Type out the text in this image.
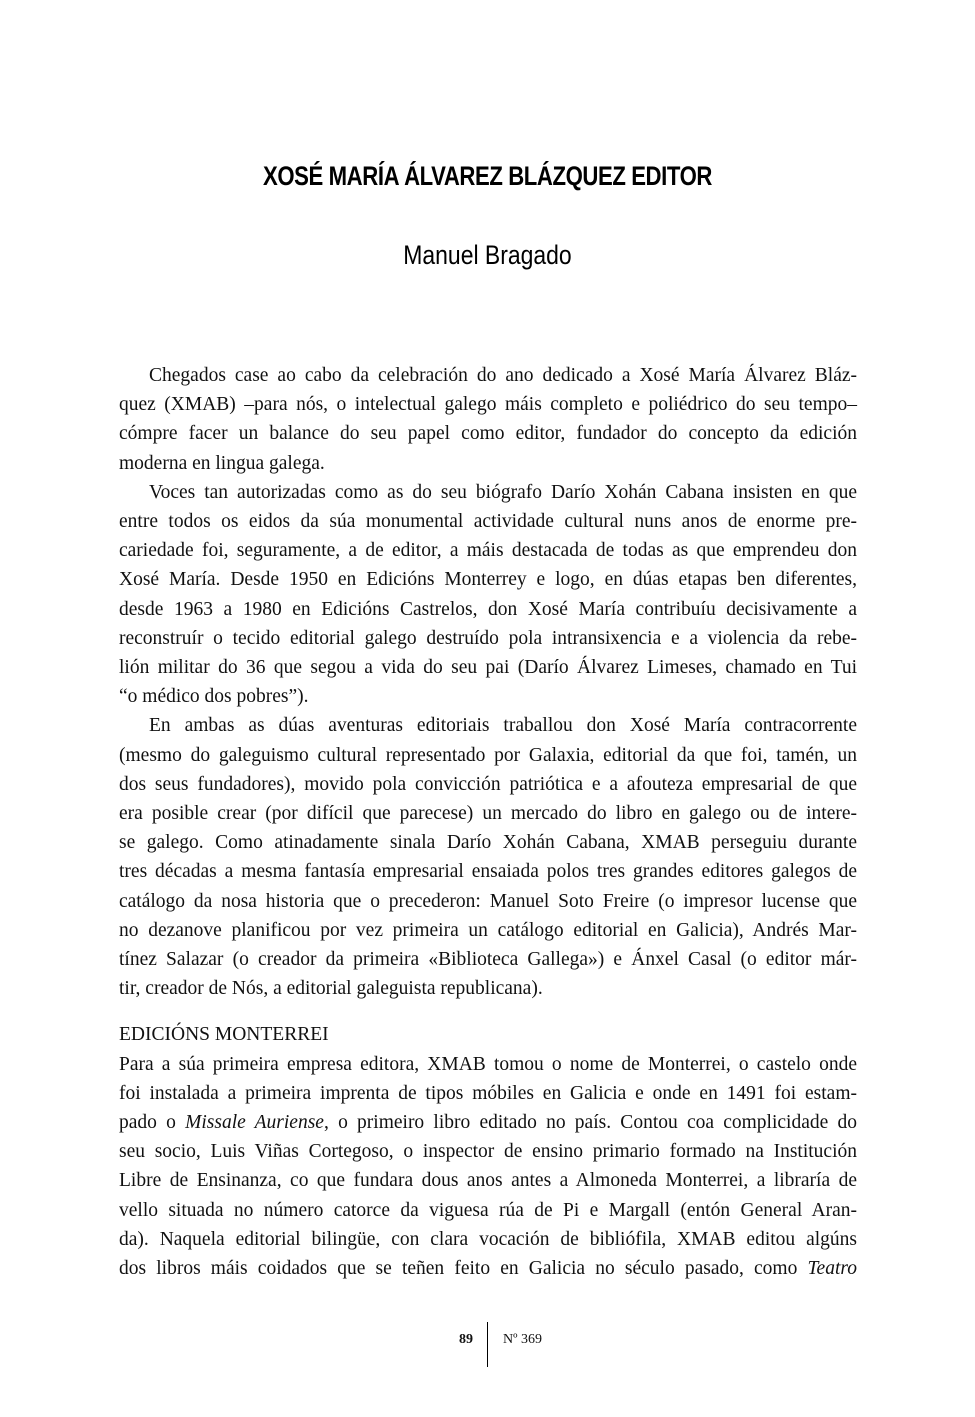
XOSÉ MARÍA ÁLVAREZ BLÁZQUEZ EDITOR
Manuel Bragado

Chegados case ao cabo da celebración do ano dedicado a Xosé María Álvarez Bláz-
quez (XMAB) –para nós, o intelectual galego máis completo e poliédrico do seu tempo–
cómpre facer un balance do seu papel como editor, fundador do concepto da edición
moderna en lingua galega.

Voces tan autorizadas como as do seu biógrafo Darío Xohán Cabana insisten en que
entre todos os eidos da súa monumental actividade cultural nuns anos de enorme pre-
cariedade foi, seguramente, a de editor, a máis destacada de todas as que emprendeu don
Xosé María. Desde 1950 en Edicións Monterrey e logo, en dúas etapas ben diferentes,
desde 1963 a 1980 en Edicións Castrelos, don Xosé María contribuíu decisivamente a
reconstruír o tecido editorial galego destruído pola intransixencia e a violencia da rebe-
lión militar do 36 que segou a vida do seu pai (Darío Álvarez Limeses, chamado en Tui
“o médico dos pobres”).

En ambas as dúas aventuras editoriais traballou don Xosé María contracorrente
(mesmo do galeguismo cultural representado por Galaxia, editorial da que foi, tamén, un
dos seus fundadores), movido pola convicción patriótica e a afouteza empresarial de que
era posible crear (por difícil que parecese) un mercado do libro en galego ou de intere-
se galego. Como atinadamente sinala Darío Xohán Cabana, XMAB perseguiu durante
tres décadas a mesma fantasía empresarial ensaiada polos tres grandes editores galegos de
catálogo da nosa historia que o precederon: Manuel Soto Freire (o impresor lucense que
no dezanove planificou por vez primeira un catálogo editorial en Galicia), Andrés Mar-
tínez Salazar (o creador da primeira «Biblioteca Gallega») e Ánxel Casal (o editor már-
tir, creador de Nós, a editorial galeguista republicana).

EDICIÓNS MONTERREI

Para a súa primeira empresa editora, XMAB tomou o nome de Monterrei, o castelo onde
foi instalada a primeira imprenta de tipos móbiles en Galicia e onde en 1491 foi estam-
pado o Missale Auriense, o primeiro libro editado no país. Contou coa complicidade do
seu socio, Luis Viñas Cortegoso, o inspector de ensino primario formado na Institución
Libre de Ensinanza, co que fundara dous anos antes a Almoneda Monterrei, a libraría de
vello situada no número catorce da viguesa rúa de Pi e Margall (entón General Aran-
da). Naquela editorial bilingüe, con clara vocación de bibliófila, XMAB editou algúns
dos libros máis coidados que se teñen feito en Galicia no século pasado, como Teatro

89 Nº 369
